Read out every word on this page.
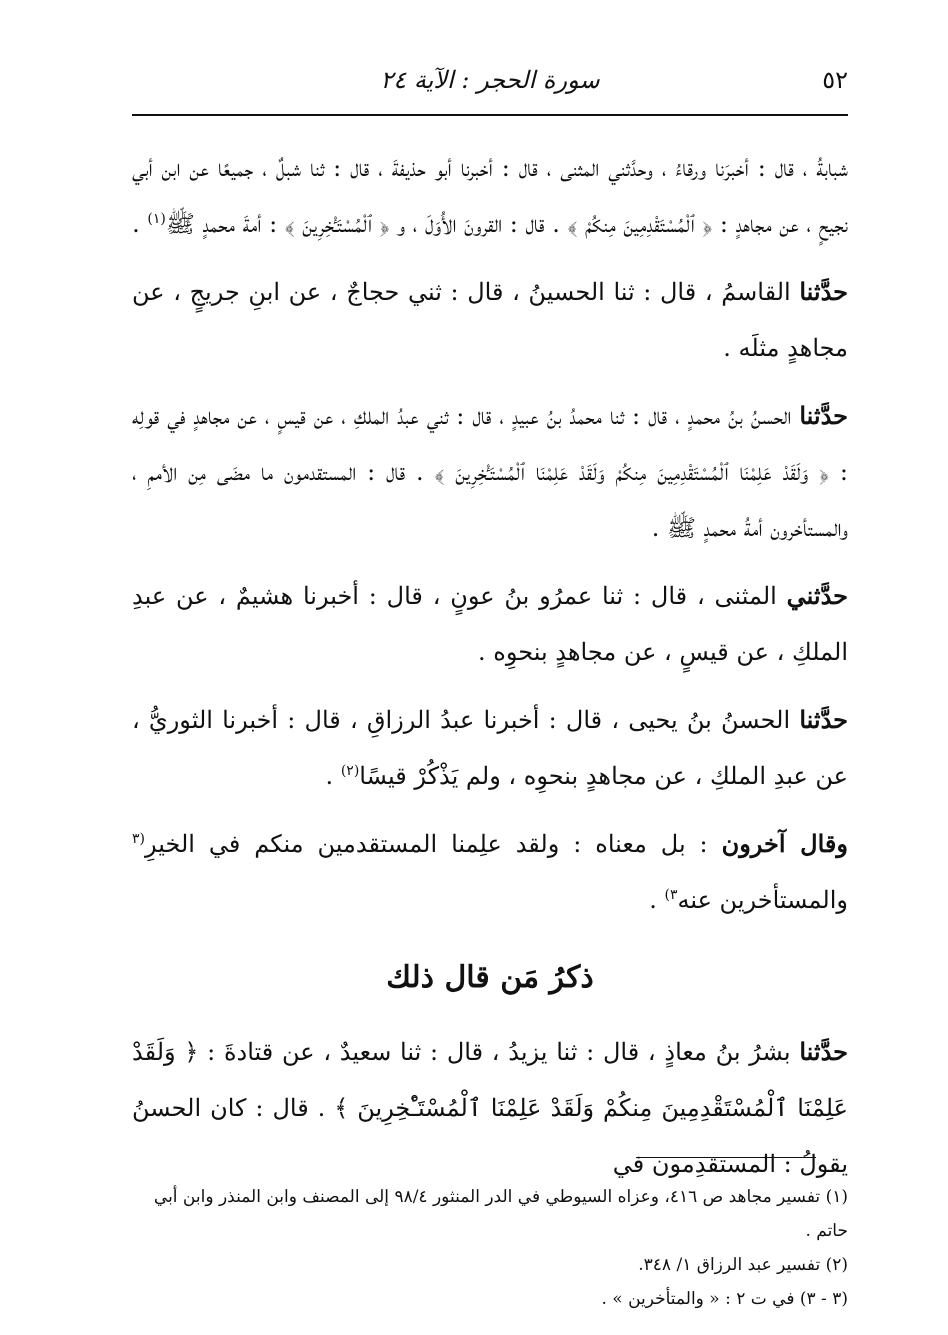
٥٢
سورة الحجر : الآية ٢٤

شبابةُ ، قال : أخبرَنا ورقاءُ ، وحدَّثني المثنى ، قال : أخبرنا أبو حذيفةَ ، قال : ثنا شبلٌ ، جميعًا عن ابن أبي نجيحٍ ، عن مجاهدٍ : ﴿ ٱلْمُسْتَقْدِمِينَ مِنكُمْ ﴾ . قال : القرونَ الأُوَلَ ، و ﴿ ٱلْمُسْتَـْٔخِرِينَ ﴾ : أمةَ محمدٍ ﷺ$^{(١)}$ .

حدَّثنا القاسمُ ، قال : ثنا الحسينُ ، قال : ثني حجاجٌ ، عن ابنِ جريجٍ ، عن مجاهدٍ مثلَه .

حدَّثنا الحسنُ بنُ محمدٍ ، قال : ثنا محمدُ بنُ عبيدٍ ، قال : ثني عبدُ الملكِ ، عن قيسٍ ، عن مجاهدٍ في قولِه : ﴿ وَلَقَدْ عَلِمْنَا ٱلْمُسْتَقْدِمِينَ مِنكُمْ وَلَقَدْ عَلِمْنَا ٱلْمُسْتَـْٔخِرِينَ ﴾ . قال : المستقدمون ما مضَى مِن الأممِ ، والمستأخرون أمةُ محمدٍ ﷺ .

حدَّثني المثنى ، قال : ثنا عمرُو بنُ عونٍ ، قال : أخبرنا هشيمٌ ، عن عبدِ الملكِ ، عن قيسٍ ، عن مجاهدٍ بنحوِه .

حدَّثنا الحسنُ بنُ يحيى ، قال : أخبرنا عبدُ الرزاقِ ، قال : أخبرنا الثوريُّ ، عن عبدِ الملكِ ، عن مجاهدٍ بنحوِه ، ولم يَذْكُرْ قيسًا$^{(٢)}$ .

وقال آخرون : بل معناه : ولقد علِمنا المستقدمين منكم في الخيرِ$^{(٣}$ والمستأخرين عنه$^{٣)}$ .

ذكرُ مَن قال ذلك

حدَّثنا بشرُ بنُ معاذٍ ، قال : ثنا يزيدُ ، قال : ثنا سعيدٌ ، عن قتادةَ : ﴿ وَلَقَدْ عَلِمْنَا ٱلْمُسْتَقْدِمِينَ مِنكُمْ وَلَقَدْ عَلِمْنَا ٱلْمُسْتَـْٔخِرِينَ ﴾ . قال : كان الحسنُ يقولُ : المستقدِمون في

(١) تفسير مجاهد ص ٤١٦، وعزاه السيوطي في الدر المنثور ٩٨/٤ إلى المصنف وابن المنذر وابن أبي حاتم .

(٢) تفسير عبد الرزاق ١/ ٣٤٨.

(٣ - ٣) في ت ٢ : « والمتأخرين » .
